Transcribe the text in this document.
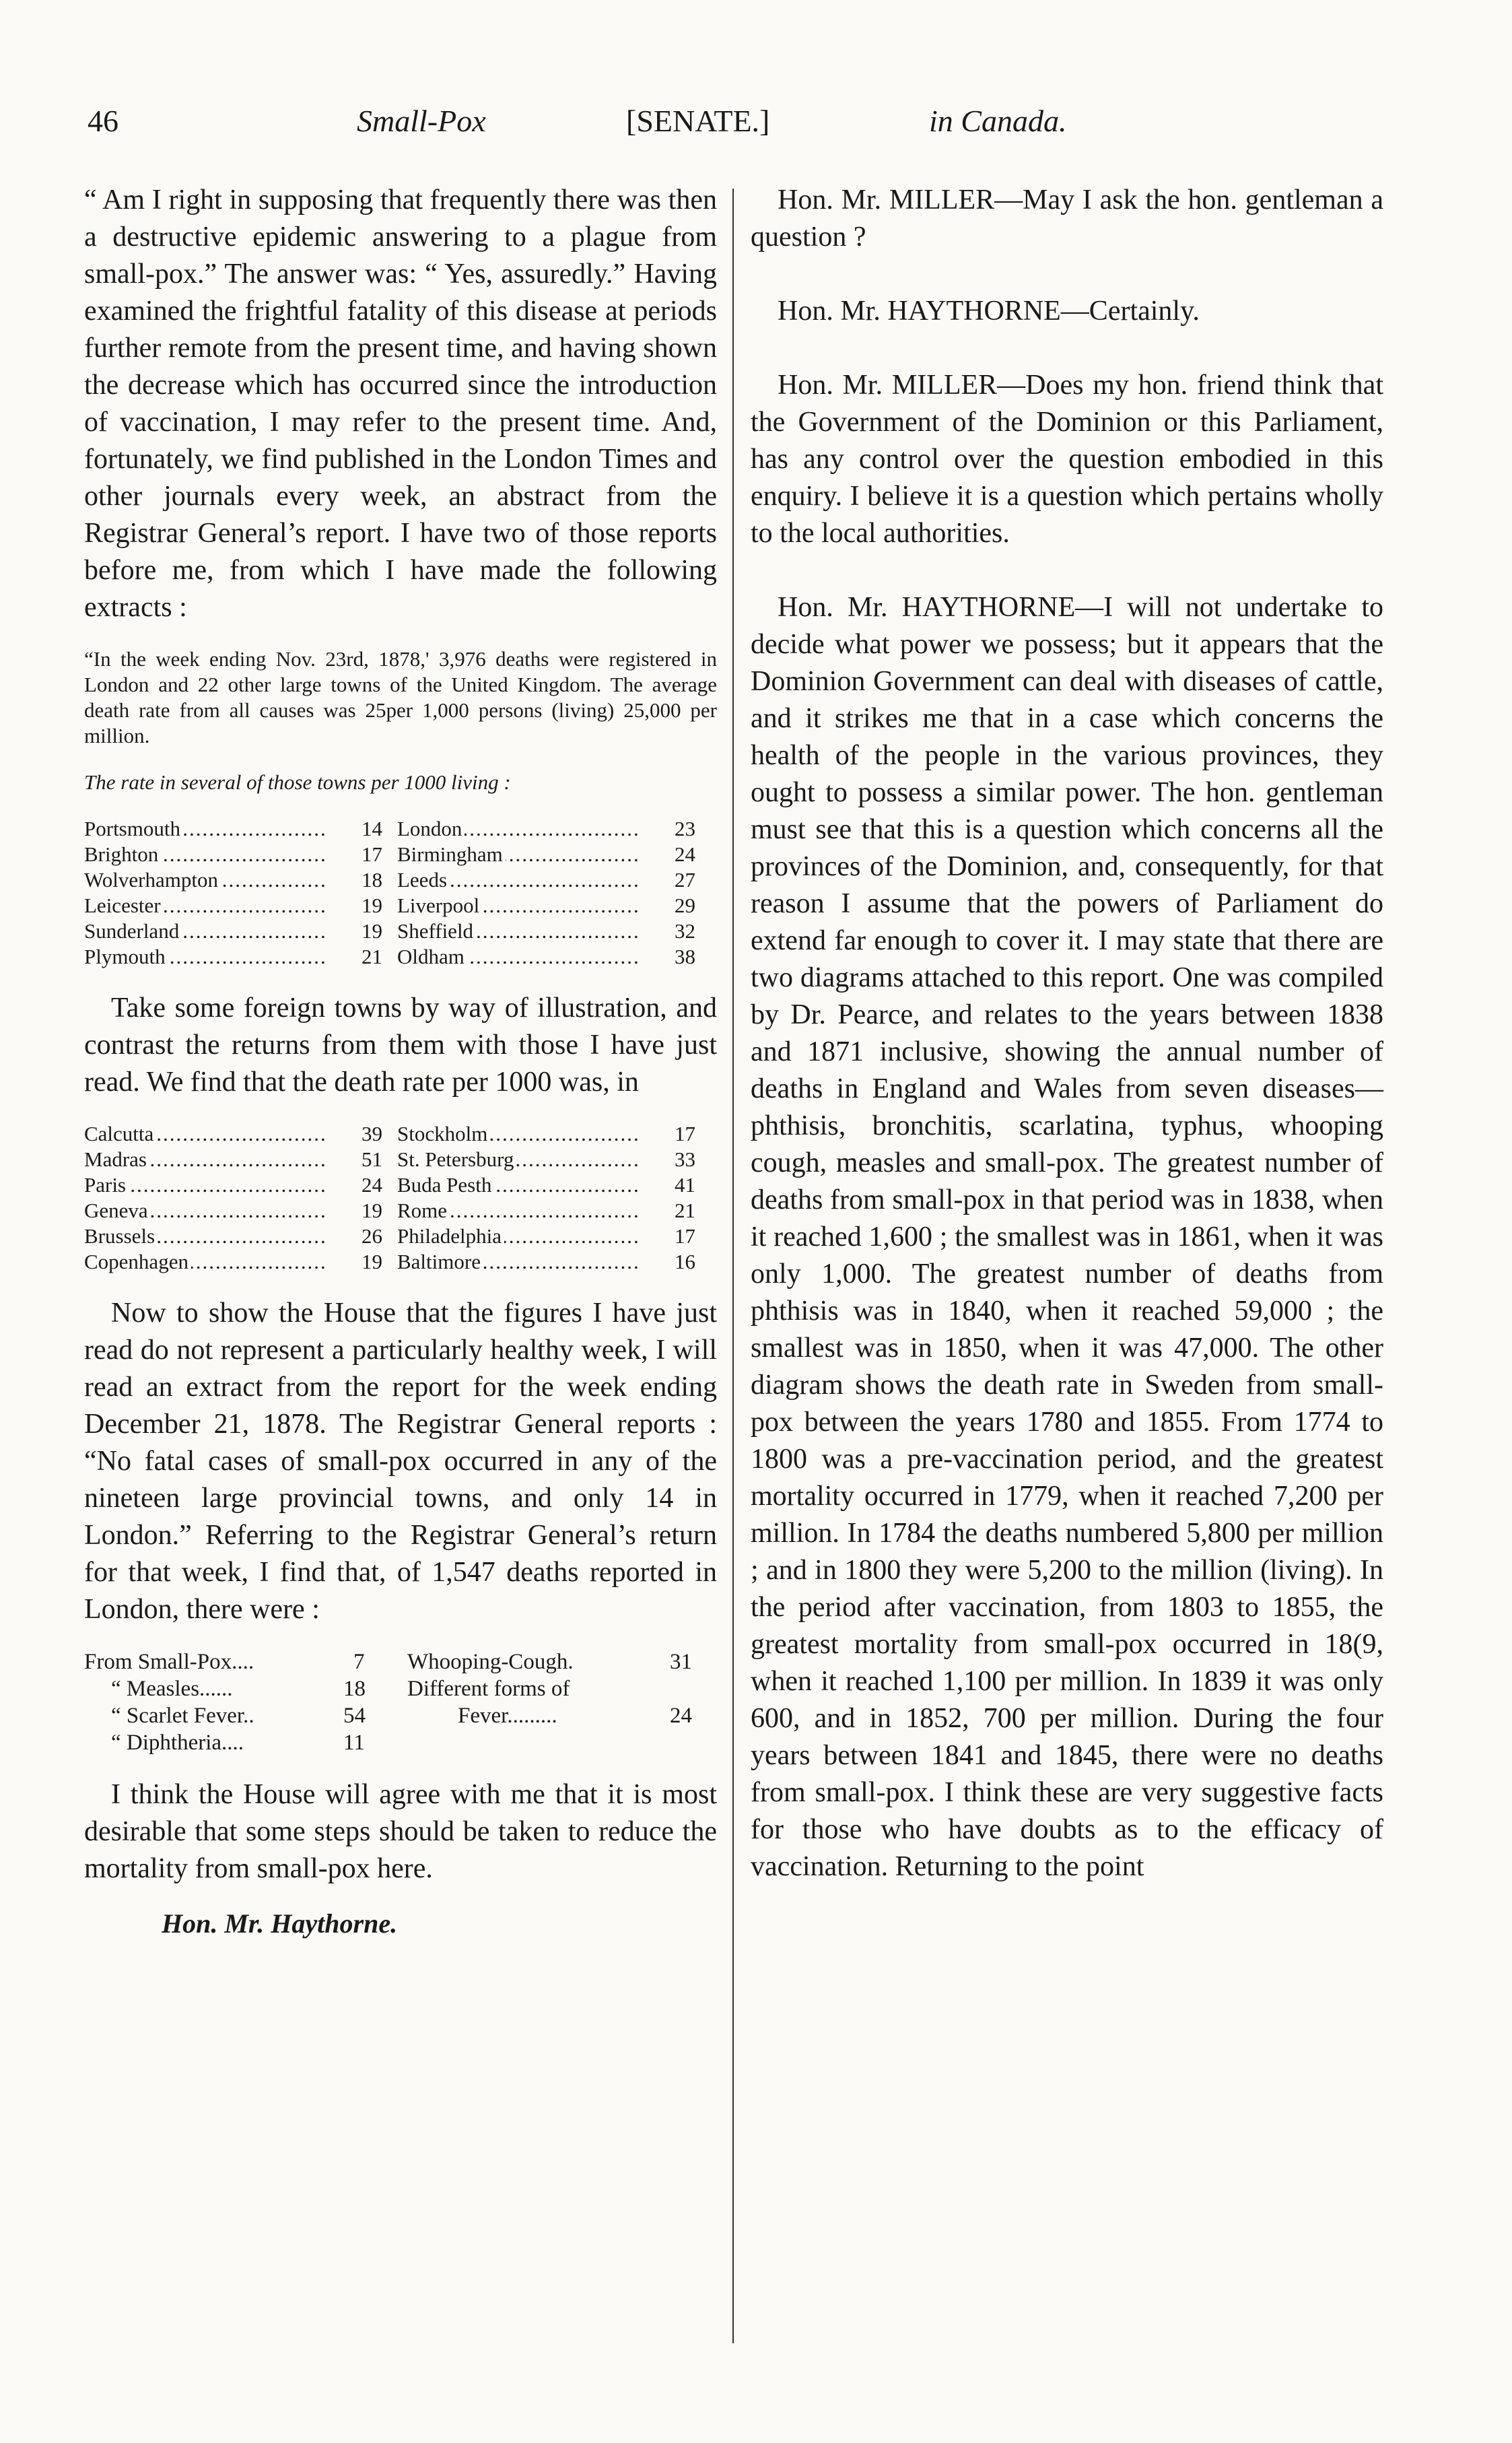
46	Small-Pox	[SENATE.]	in Canada.

“ Am I right in supposing that frequently there was then a destructive epidemic answering to a plague from small-pox.” The answer was: “ Yes, assuredly.” Having examined the frightful fatality of this disease at periods further remote from the present time, and having shown the decrease which has occurred since the introduction of vaccination, I may refer to the present time. And, fortunately, we find published in the London Times and other journals every week, an abstract from the Registrar General’s report. I have two of those reports before me, from which I have made the following extracts :

“In the week ending Nov. 23rd, 1878,' 3,976 deaths were registered in London and 22 other large towns of the United Kingdom. The average death rate from all causes was 25per 1,000 persons (living) 25,000 per million.

The rate in several of those towns per 1000 living :

Portsmouth .....	14	London .....	23
Brighton .....	17	Birmingham .....	24
Wolverhampton .....	18	Leeds .....	27
Leicester .....	19	Liverpool .....	29
Sunderland .....	19	Sheffield .....	32
Plymouth .....	21	Oldham .....	38

Take some foreign towns by way of illustration, and contrast the returns from them with those I have just read. We find that the death rate per 1000 was, in

Calcutta .....	39	Stockholm .....	17
Madras .....	51	St. Petersburg .....	33
Paris .....	24	Buda Pesth .....	41
Geneva .....	19	Rome .....	21
Brussels .....	26	Philadelphia .....	17
Copenhagen .....	19	Baltimore .....	16

Now to show the House that the figures I have just read do not represent a particularly healthy week, I will read an extract from the report for the week ending December 21, 1878. The Registrar General reports : “No fatal cases of small-pox occurred in any of the nineteen large provincial towns, and only 14 in London.” Referring to the Registrar General’s return for that week, I find that, of 1,547 deaths reported in London, there were :

From Small-Pox....	7 Whooping-Cough.	31
“ Measles......	18 Different forms of
“ Scarlet Fever..	54	Fever.........	24
“ Diphtheria....	11

I think the House will agree with me that it is most desirable that some steps should be taken to reduce the mortality from small-pox here.

Hon. Mr. Haythorne.

Hon. Mr. MILLER—May I ask the hon. gentleman a question ?

Hon. Mr. HAYTHORNE—Certainly.

Hon. Mr. MILLER—Does my hon. friend think that the Government of the Dominion or this Parliament, has any control over the question embodied in this enquiry. I believe it is a question which pertains wholly to the local authorities.

Hon. Mr. HAYTHORNE—I will not undertake to decide what power we possess; but it appears that the Dominion Government can deal with diseases of cattle, and it strikes me that in a case which concerns the health of the people in the various provinces, they ought to possess a similar power. The hon. gentleman must see that this is a question which concerns all the provinces of the Dominion, and, consequently, for that reason I assume that the powers of Parliament do extend far enough to cover it. I may state that there are two diagrams attached to this report. One was compiled by Dr. Pearce, and relates to the years between 1838 and 1871 inclusive, showing the annual number of deaths in England and Wales from seven diseases—phthisis, bronchitis, scarlatina, typhus, whooping cough, measles and small-pox. The greatest number of deaths from small-pox in that period was in 1838, when it reached 1,600 ; the smallest was in 1861, when it was only 1,000. The greatest number of deaths from phthisis was in 1840, when it reached 59,000 ; the smallest was in 1850, when it was 47,000. The other diagram shows the death rate in Sweden from small-pox between the years 1780 and 1855. From 1774 to 1800 was a pre-vaccination period, and the greatest mortality occurred in 1779, when it reached 7,200 per million. In 1784 the deaths numbered 5,800 per million ; and in 1800 they were 5,200 to the million (living). In the period after vaccination, from 1803 to 1855, the greatest mortality from small-pox occurred in 18(9, when it reached 1,100 per million. In 1839 it was only 600, and in 1852, 700 per million. During the four years between 1841 and 1845, there were no deaths from small-pox. I think these are very suggestive facts for those who have doubts as to the efficacy of vaccination. Returning to the point
